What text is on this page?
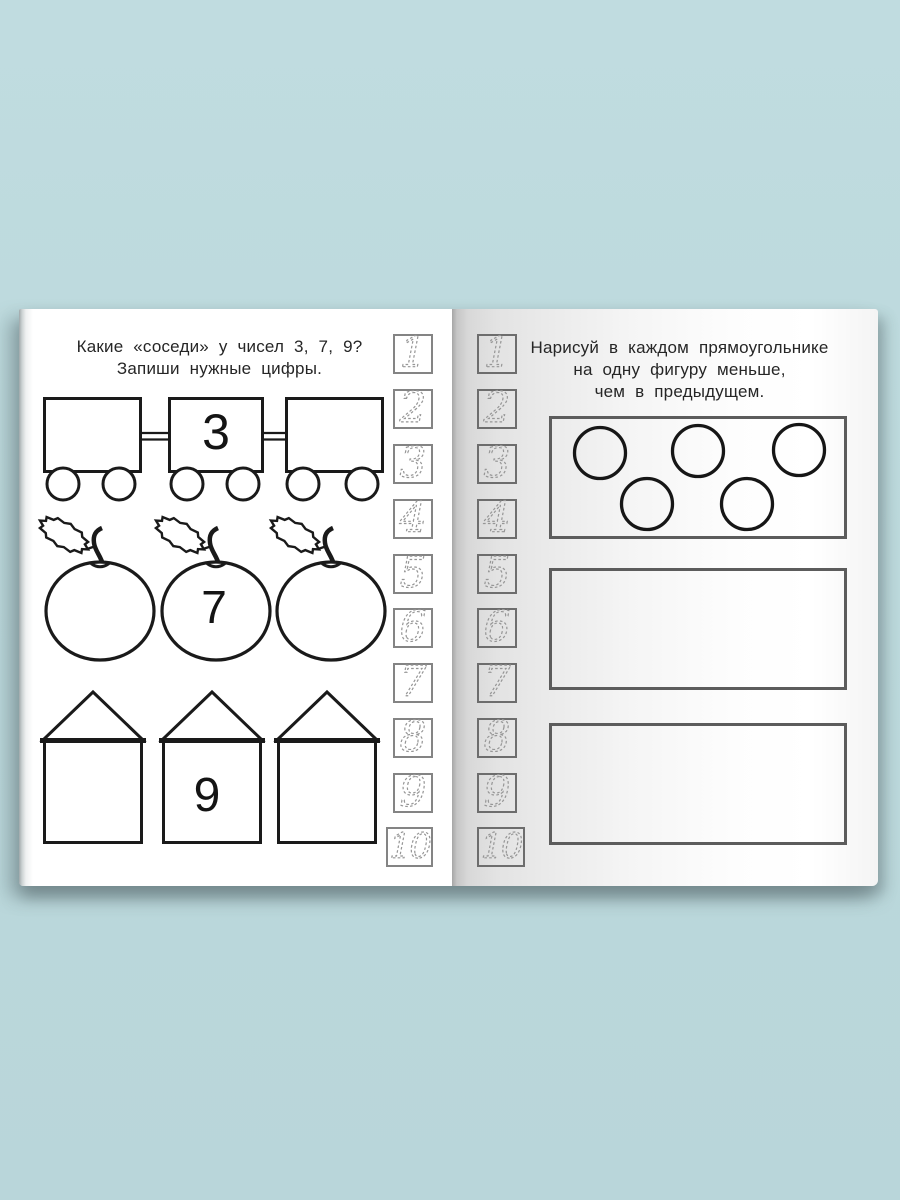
Какие «соседи» у чисел 3, 7, 9?
Запиши нужные цифры.
3
7
9
1
2
3
4
5
6
7
8
9
10
Нарисуй в каждом прямоугольнике
на одну фигуру меньше,
чем в предыдущем.
1
2
3
4
5
6
7
8
9
10
